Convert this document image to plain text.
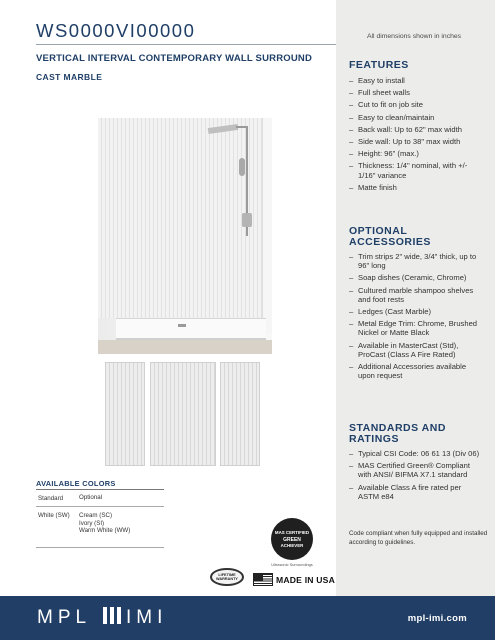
WS0000VI00000	All dimensions shown in inches
VERTICAL INTERVAL CONTEMPORARY WALL SURROUND
CAST MARBLE
AVAILABLE COLORS
Standard	Optional
White (SW)	Cream (SC)
Ivory (SI)
Warm White (WW)
FEATURES
– Easy to install
– Full sheet walls
– Cut to fit on job site
– Easy to clean/maintain
– Back wall: Up to 62" max width
– Side wall: Up to 38" max width
– Height: 96" (max.)
– Thickness: 1/4" nominal, with +/- 1/16" variance
– Matte finish
OPTIONAL ACCESSORIES
– Trim strips 2" wide, 3/4" thick, up to 96" long
– Soap dishes (Ceramic, Chrome)
– Cultured marble shampoo shelves and foot rests
– Ledges (Cast Marble)
– Metal Edge Trim: Chrome, Brushed Nickel or Matte Black
– Available in MasterCast (Std), ProCast (Class A Fire Rated)
– Additional Accessories available upon request
STANDARDS AND RATINGS
– Typical CSI Code: 06 61 13 (Div 06)
– MAS Certified Green® Compliant with ANSI/ BIFMA X7.1 standard
– Available Class A fire rated per ASTM e84
Code compliant when fully equipped and installed according to guidelines.
MAS CERTIFIED
GREEN
ACHIEVER
Ultrasonic Surroundings
LIFETIME WARRANTY	MADE IN USA
MPL IMI	mpl-imi.com
